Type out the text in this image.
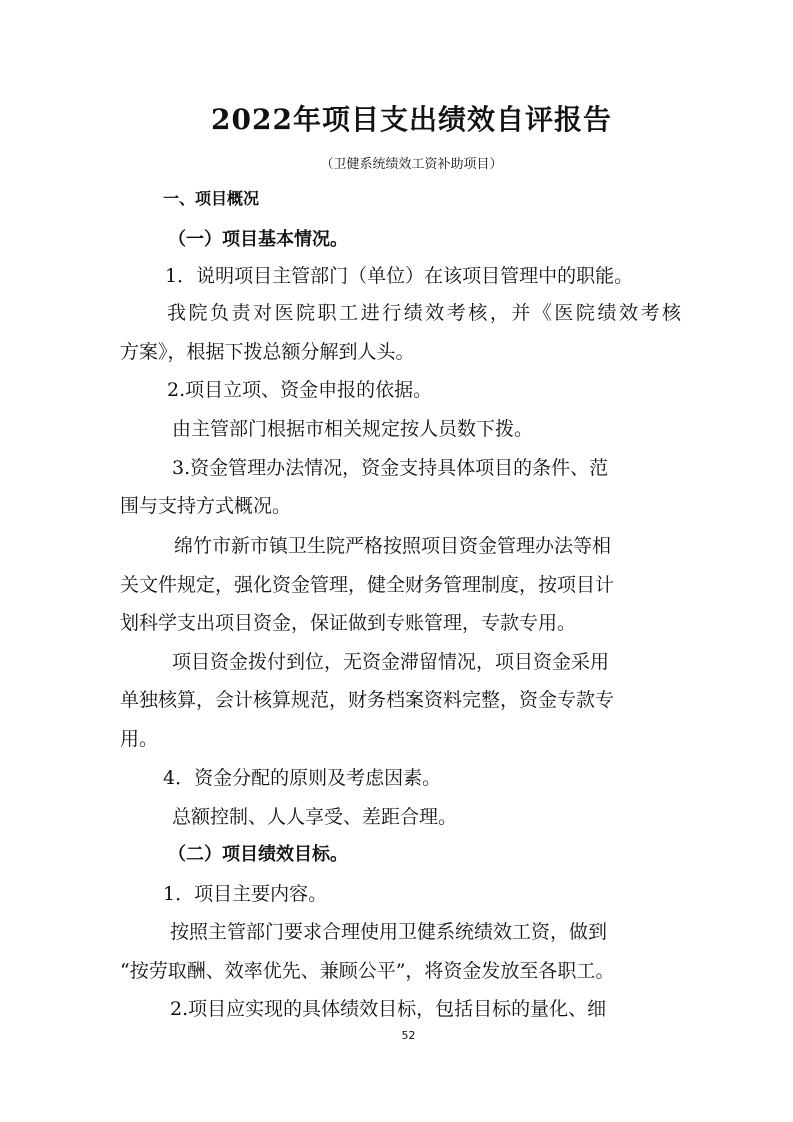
2022年项目支出绩效自评报告
（卫健系统绩效工资补助项目）
一、项目概况
（一）项目基本情况。
1．说明项目主管部门（单位）在该项目管理中的职能。
我院负责对医院职工进行绩效考核，并《医院绩效考核
方案》，根据下拨总额分解到人头。
2.项目立项、资金申报的依据。
由主管部门根据市相关规定按人员数下拨。
3.资金管理办法情况，资金支持具体项目的条件、范
围与支持方式概况。
绵竹市新市镇卫生院严格按照项目资金管理办法等相
关文件规定，强化资金管理，健全财务管理制度，按项目计
划科学支出项目资金，保证做到专账管理，专款专用。
项目资金拨付到位，无资金滞留情况，项目资金采用
单独核算，会计核算规范，财务档案资料完整，资金专款专
用。
4．资金分配的原则及考虑因素。
总额控制、人人享受、差距合理。
（二）项目绩效目标。
1．项目主要内容。
按照主管部门要求合理使用卫健系统绩效工资，做到
“按劳取酬、效率优先、兼顾公平”，将资金发放至各职工。
2.项目应实现的具体绩效目标，包括目标的量化、细
52
